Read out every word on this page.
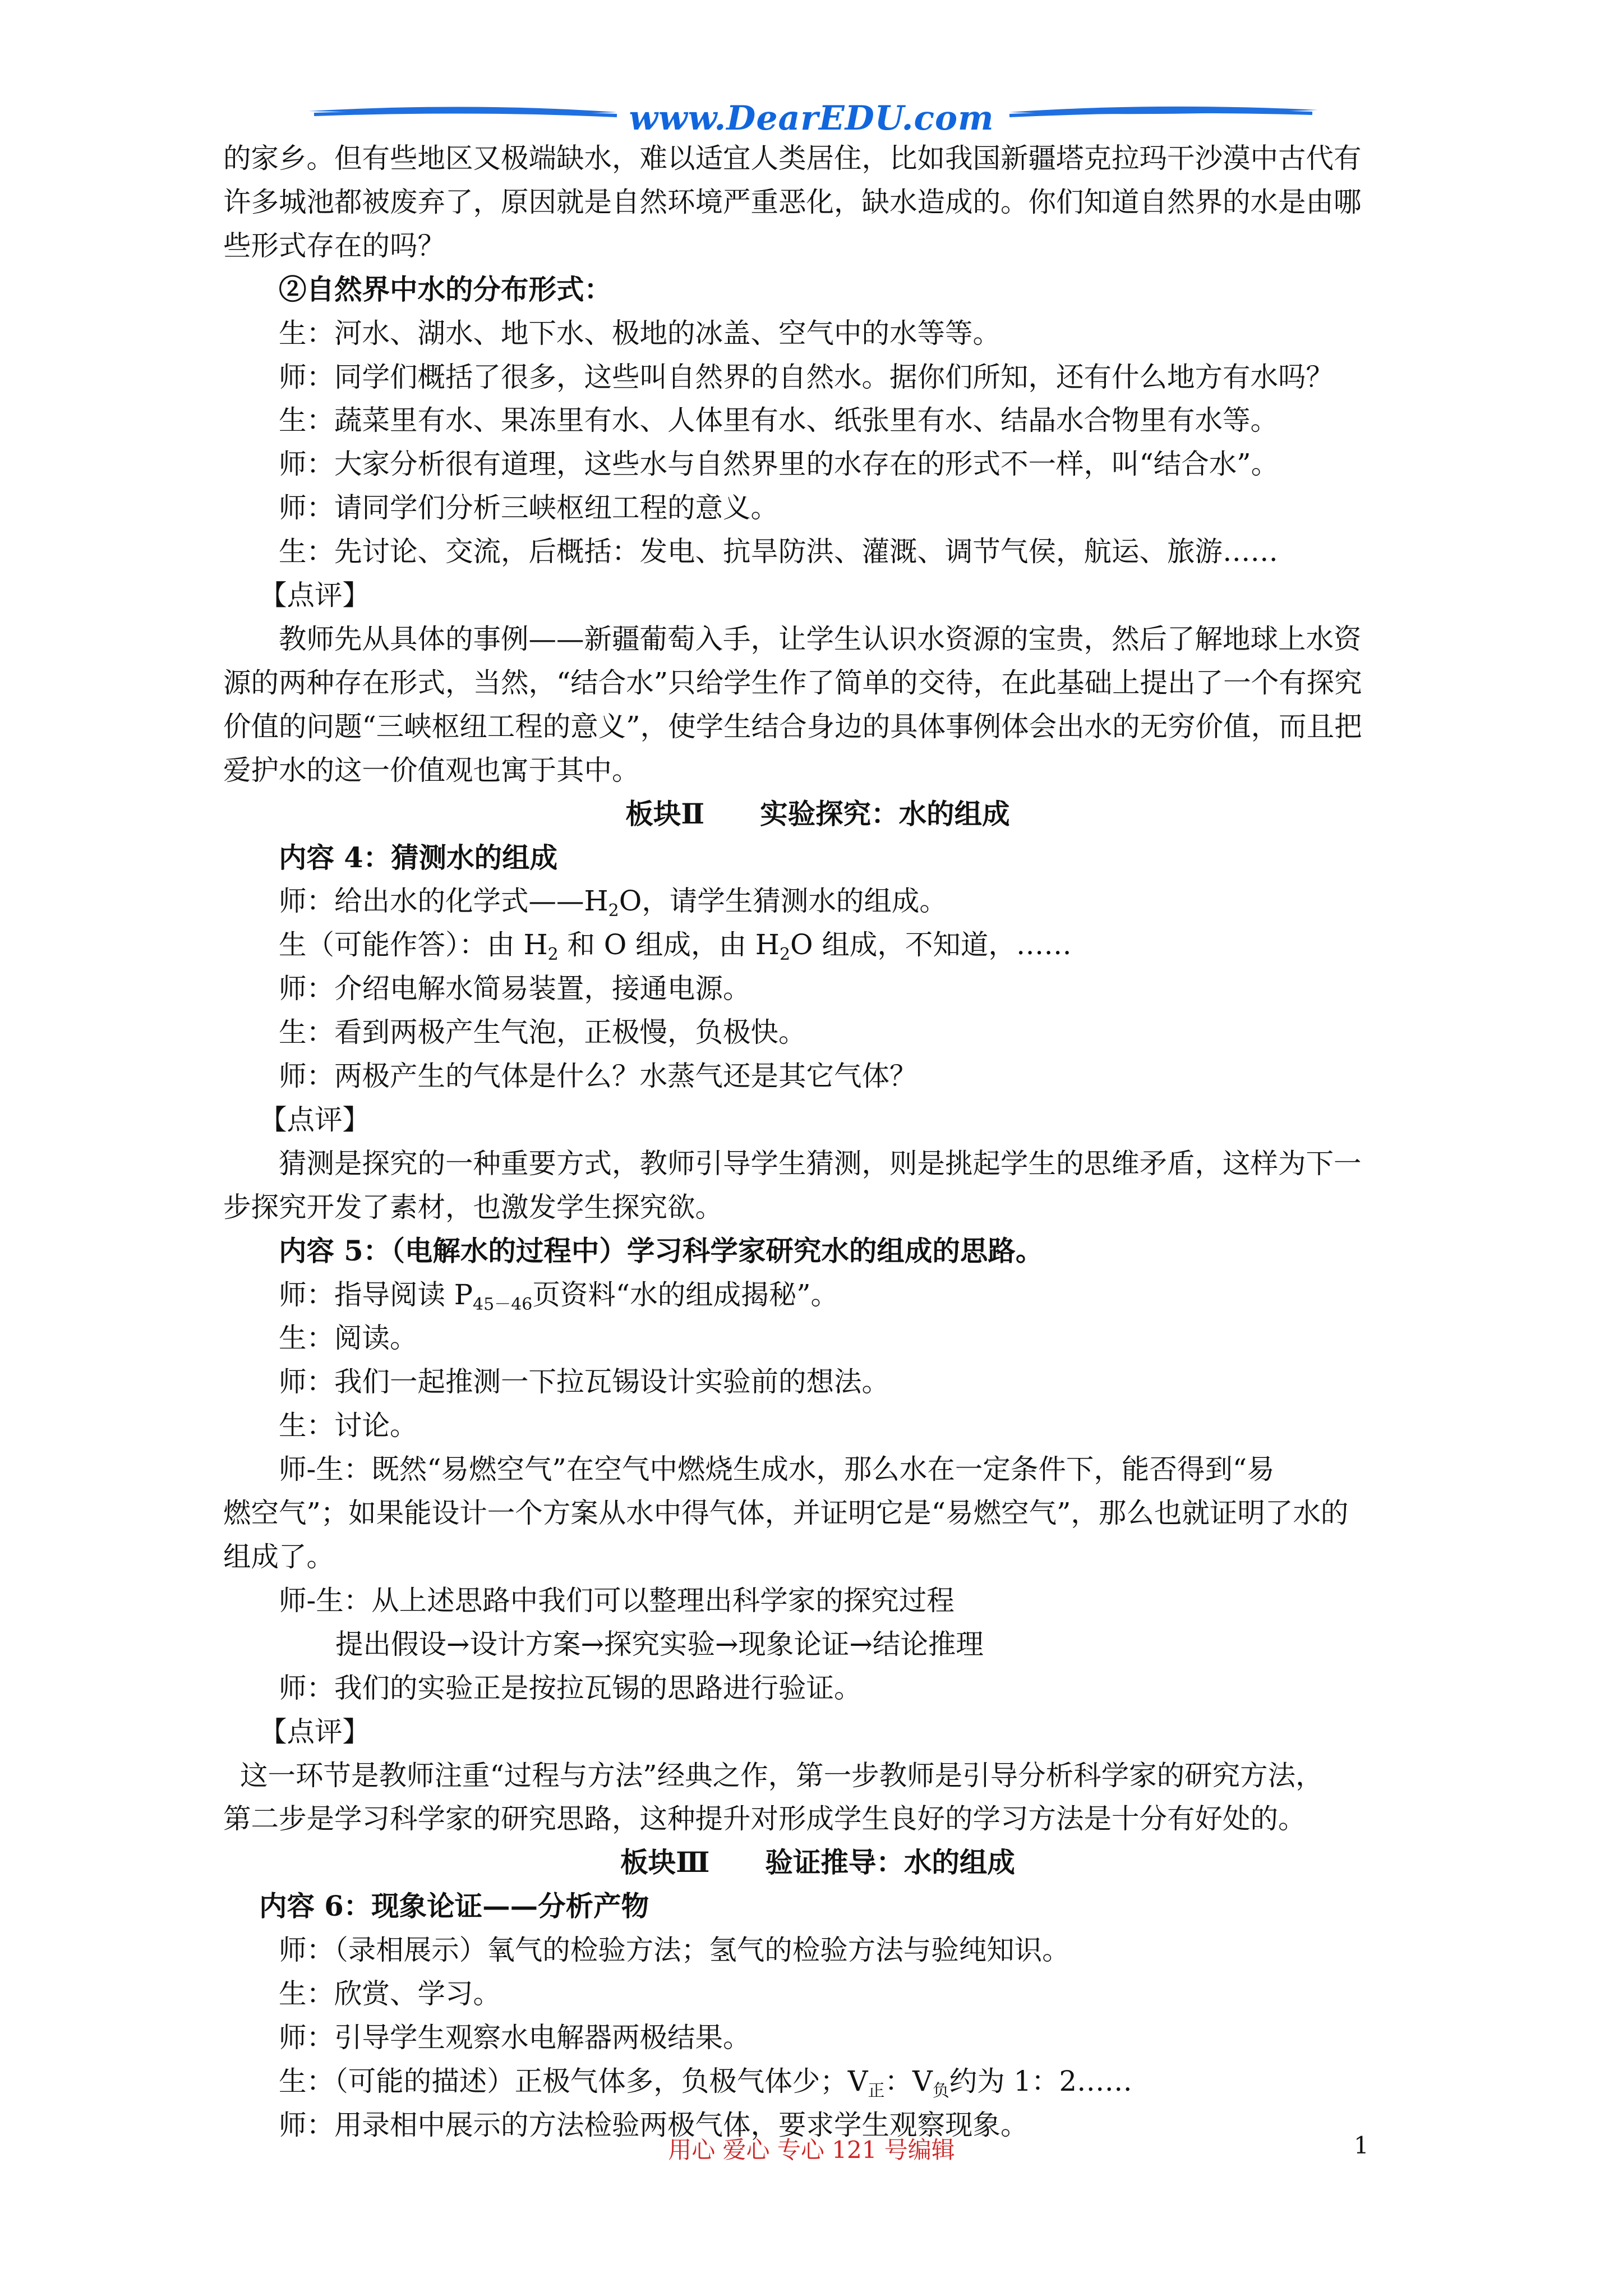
www.DearEDU.com

的家乡。但有些地区又极端缺水，难以适宜人类居住，比如我国新疆塔克拉玛干沙漠中古代有

许多城池都被废弃了，原因就是自然环境严重恶化，缺水造成的。你们知道自然界的水是由哪

些形式存在的吗？

②自然界中水的分布形式：

生：河水、湖水、地下水、极地的冰盖、空气中的水等等。

师：同学们概括了很多，这些叫自然界的自然水。据你们所知，还有什么地方有水吗？

生：蔬菜里有水、果冻里有水、人体里有水、纸张里有水、结晶水合物里有水等。

师：大家分析很有道理，这些水与自然界里的水存在的形式不一样，叫“结合水”。

师：请同学们分析三峡枢纽工程的意义。

生：先讨论、交流，后概括：发电、抗旱防洪、灌溉、调节气侯，航运、旅游……

【点评】

教师先从具体的事例——新疆葡萄入手，让学生认识水资源的宝贵，然后了解地球上水资

源的两种存在形式，当然，“结合水”只给学生作了简单的交待，在此基础上提出了一个有探究

价值的问题“三峡枢纽工程的意义”，使学生结合身边的具体事例体会出水的无穷价值，而且把

爱护水的这一价值观也寓于其中。

板块Ⅱ　　实验探究：水的组成

内容 4：猜测水的组成

师：给出水的化学式$——H_2O$，请学生猜测水的组成。

生（可能作答）：由 $H_2$ 和 O 组成，由 $H_2O$ 组成，不知道，……

师：介绍电解水简易装置，接通电源。

生：看到两极产生气泡，正极慢，负极快。

师：两极产生的气体是什么？水蒸气还是其它气体？

【点评】

猜测是探究的一种重要方式，教师引导学生猜测，则是挑起学生的思维矛盾，这样为下一

步探究开发了素材，也激发学生探究欲。

内容 5：（电解水的过程中）学习科学家研究水的组成的思路。

师：指导阅读 $P_{45-46}$页资料“水的组成揭秘”。

生：阅读。

师：我们一起推测一下拉瓦锡设计实验前的想法。

生：讨论。

师-生：既然“易燃空气”在空气中燃烧生成水，那么水在一定条件下，能否得到“易

燃空气”；如果能设计一个方案从水中得气体，并证明它是“易燃空气”，那么也就证明了水的

组成了。

师-生：从上述思路中我们可以整理出科学家的探究过程

提出假设→设计方案→探究实验→现象论证→结论推理

师：我们的实验正是按拉瓦锡的思路进行验证。

【点评】

这一环节是教师注重“过程与方法”经典之作，第一步教师是引导分析科学家的研究方法，

第二步是学习科学家的研究思路，这种提升对形成学生良好的学习方法是十分有好处的。

板块Ⅲ　　验证推导：水的组成

内容 6：现象论证——分析产物

师：（录相展示）氧气的检验方法；氢气的检验方法与验纯知识。

生：欣赏、学习。

师：引导学生观察水电解器两极结果。

生：（可能的描述）正极气体多，负极气体少；$V_正$：$V_负$约为 1：2……

师：用录相中展示的方法检验两极气体，要求学生观察现象。

用心 爱心 专心 121 号编辑	1
